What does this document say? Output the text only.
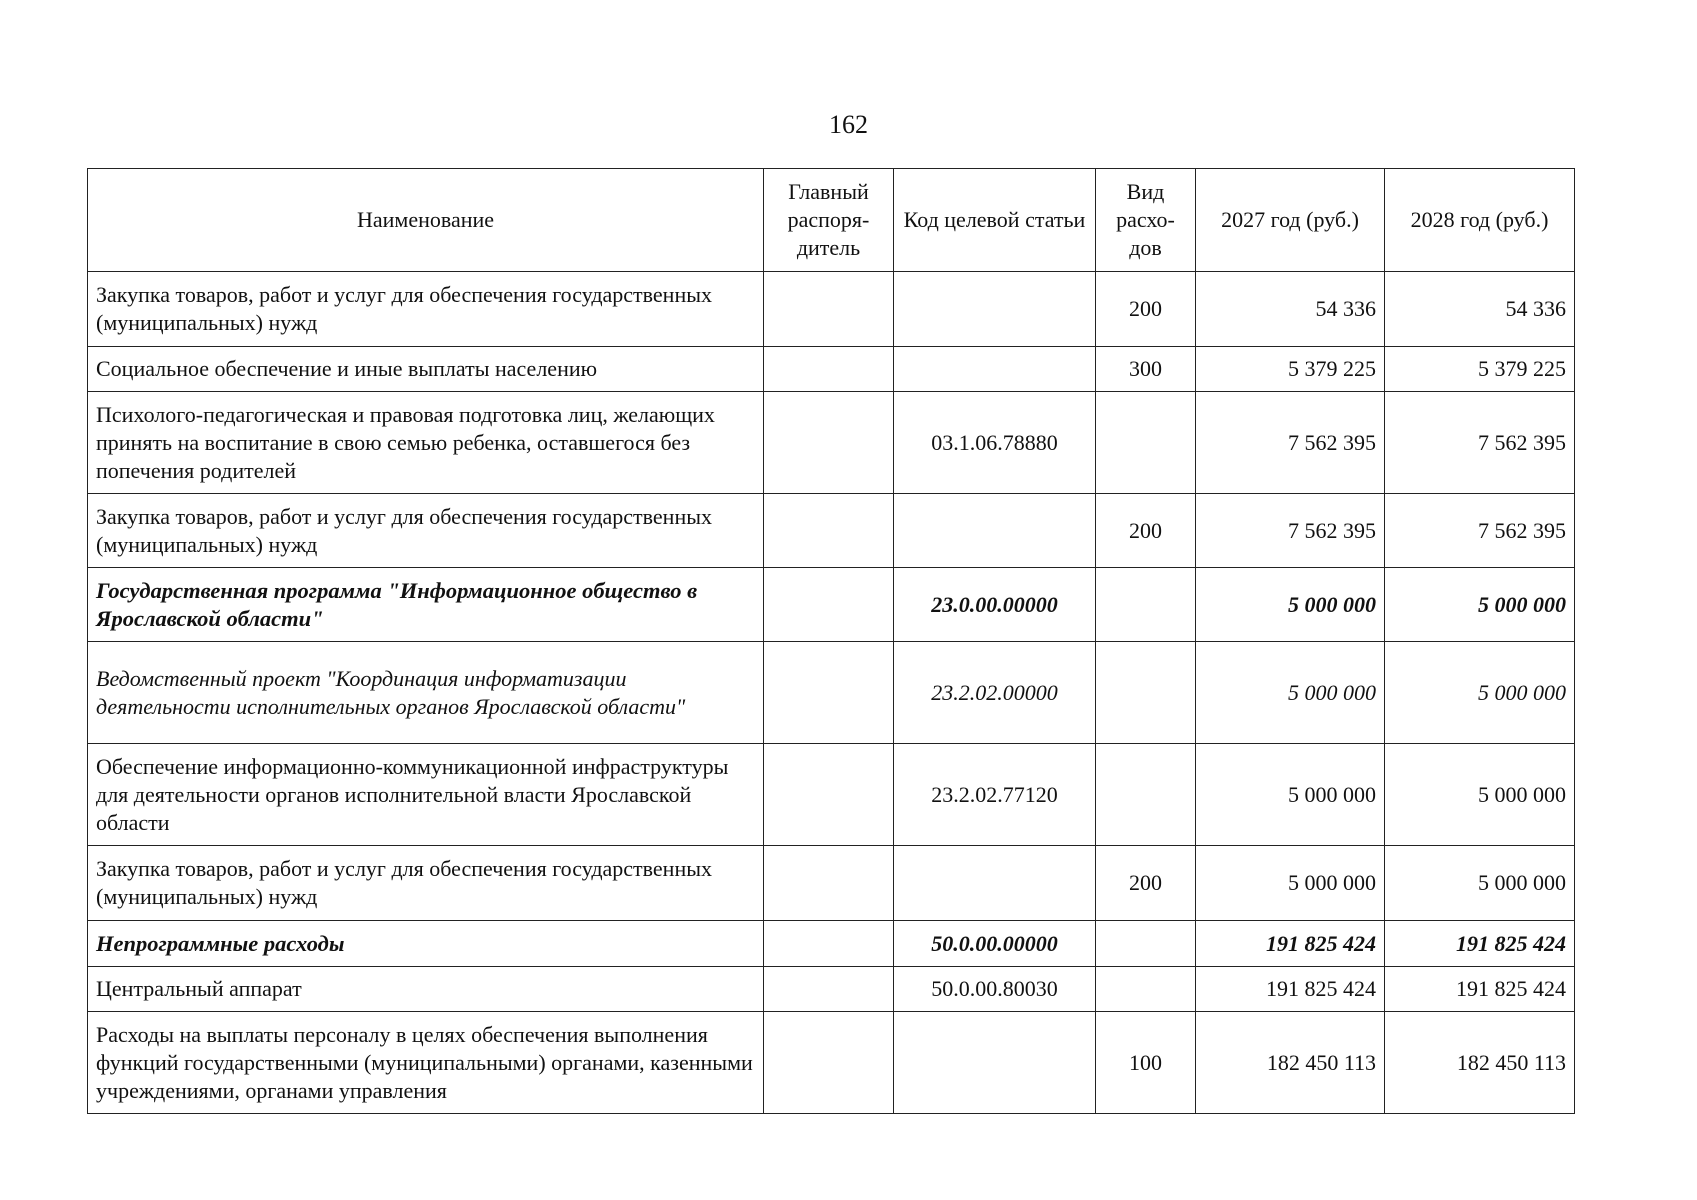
162
Наименование	Главный распоря-дитель	Код целевой статьи	Вид расхо-дов	2027 год (руб.)	2028 год (руб.)
Закупка товаров, работ и услуг для обеспечения государственных (муниципальных) нужд			200	54 336	54 336
Социальное обеспечение и иные выплаты населению			300	5 379 225	5 379 225
Психолого-педагогическая и правовая подготовка лиц, желающих принять на воспитание в свою семью ребенка, оставшегося без попечения родителей		03.1.06.78880		7 562 395	7 562 395
Закупка товаров, работ и услуг для обеспечения государственных (муниципальных) нужд			200	7 562 395	7 562 395
Государственная программа "Информационное общество в Ярославской области"		23.0.00.00000		5 000 000	5 000 000
Ведомственный проект "Координация информатизации деятельности исполнительных органов Ярославской области"		23.2.02.00000		5 000 000	5 000 000
Обеспечение информационно-коммуникационной инфраструктуры для деятельности органов исполнительной власти Ярославской области		23.2.02.77120		5 000 000	5 000 000
Закупка товаров, работ и услуг для обеспечения государственных (муниципальных) нужд			200	5 000 000	5 000 000
Непрограммные расходы		50.0.00.00000		191 825 424	191 825 424
Центральный аппарат		50.0.00.80030		191 825 424	191 825 424
Расходы на выплаты персоналу в целях обеспечения выполнения функций государственными (муниципальными) органами, казенными учреждениями, органами управления			100	182 450 113	182 450 113
